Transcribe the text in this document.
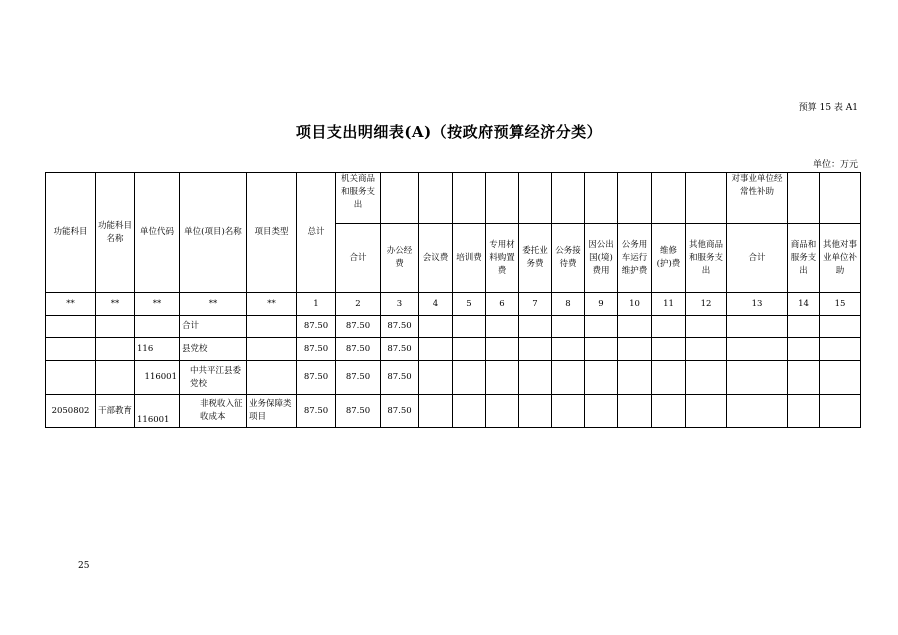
预算 15 表 A1
项目支出明细表(A)（按政府预算经济分类）
单位：万元
功能科目	功能科目名称	单位代码	单位(项目)名称	项目类型	总计	机关商品和服务支出											对事业单位经常性补助		
						合计	办公经费	会议费	培训费	专用材料购置费	委托业务费	公务接待费	因公出国(境)费用	公务用车运行维护费	维修(护)费	其他商品和服务支出	合计	商品和服务支出	其他对事业单位补助
**	**	**	**	**	1	2	3	4	5	6	7	8	9	10	11	12	13	14	15
			合计		87.50	87.50	87.50												
		116	县党校		87.50	87.50	87.50												
		116001	中共平江县委党校		87.50	87.50	87.50												
2050802	干部教育	116001	非税收入征收成本	业务保障类项目	87.50	87.50	87.50												
25
